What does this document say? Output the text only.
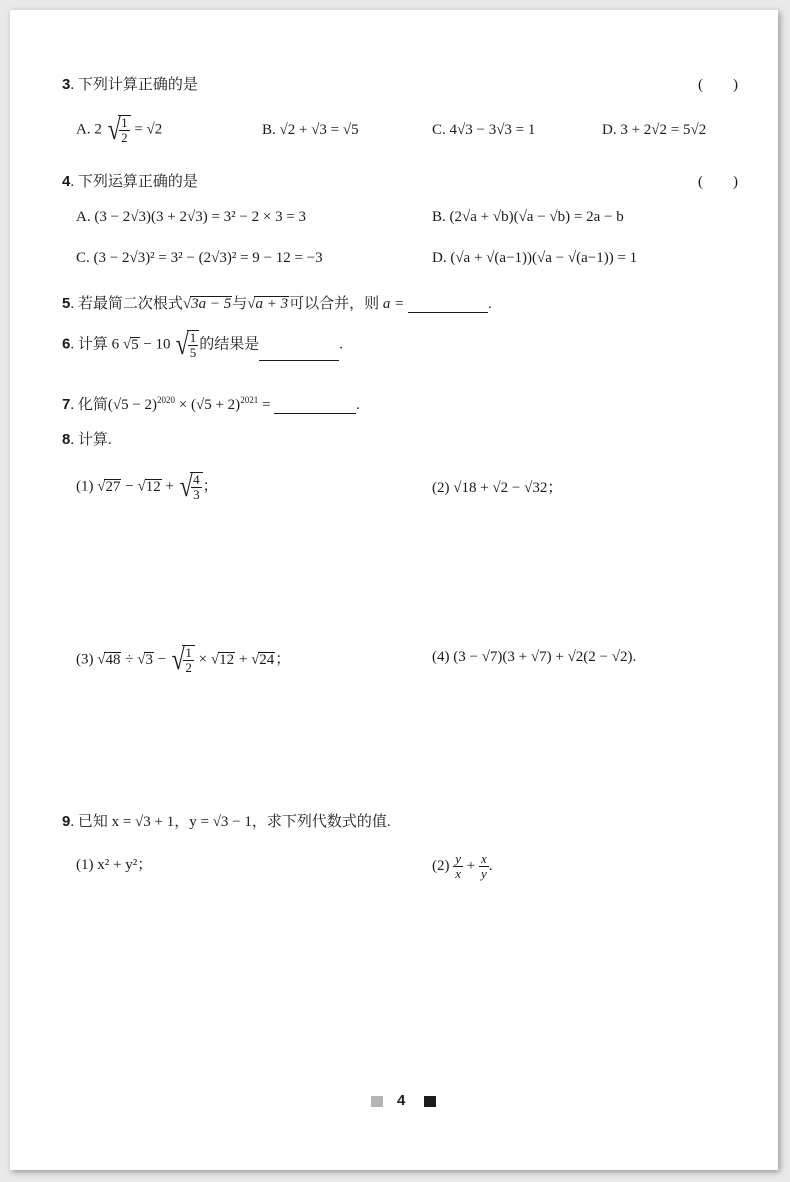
3. 下列计算正确的是	(　　)
A. 2 √
$\frac{1}{2} = √2$	B. √2 + √3 = √5	C. 4√3 − 3√3 = 1	D. 3 + 2√2 = 5√2
4. 下列运算正确的是	(　　)
A. (3 − 2√3)(3 + 2√3) = 3² − 2 × 3 = 3	B. (2√a + √b)(√a − √b) = 2a − b
C. (3 − 2√3)² = 3² − (2√3)² = 9 − 12 = −3	D. (√a + √(a−1))(√a − √(a−1)) = 1
5. 若最简二次根式√3a − 5与√a + 3可以合并，则 a =	.
6. 计算 6 √5 − 10 √
$\frac{1}{5}$ 的结果是	.
7. 化简$(√5 - 2)^{2020} \times (√5 + 2)^{2021}$ =	.
8. 计算.
(1) √27 − √12 + √
$\frac{4}{3}$ ；	(2) √18 + √2 − √32；
(3) √48 ÷ √3 − √
$\frac{1}{2} \times √12 + √24$；	(4) (3 − √7)(3 + √7) + √2(2 − √2).
9. 已知 x = √3 + 1，y = √3 − 1，求下列代数式的值.
(1) x² + y²；	$(2) \frac{y}{x} + \frac{x}{y}$ .
4
